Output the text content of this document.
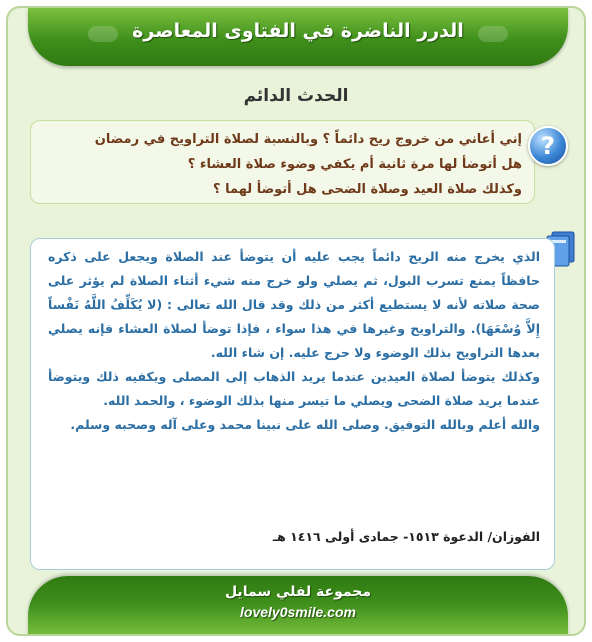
الدرر الناضرة في الفتاوى المعاصرة
الحدث الدائم

إني أعاني من خروج ريح دائماً ؟ وبالنسبة لصلاة التراويح في رمضان
هل أتوضأ لها مرة ثانية أم يكفي وضوء صلاة العشاء ؟
وكذلك صلاة العيد وصلاة الضحى هل أتوضأ لهما ؟

?

الذي يخرج منه الريح دائماً يجب عليه أن يتوضأ عند الصلاة ويجعل على ذكره حافظاً يمنع تسرب البول، ثم يصلي ولو خرج منه شيء أثناء الصلاة لم يؤثر على صحة صلاته لأنه لا يستطيع أكثر من ذلك وقد قال الله تعالى : (لا يُكَلِّفُ اللَّهُ نَفْساً إِلاَّ وُسْعَهَا). والتراويح وغيرها في هذا سواء ، فإذا توضأ لصلاة العشاء فإنه يصلي بعدها التراويح بذلك الوضوء ولا حرج عليه. إن شاء الله.

وكذلك يتوضأ لصلاة العيدين عندما يريد الذهاب إلى المصلى ويكفيه ذلك ويتوضأ عندما يريد صلاة الضحى ويصلي ما تيسر منها بذلك الوضوء ، والحمد الله.

والله أعلم وبالله التوفيق. وصلى الله على نبينا محمد وعلى آله وصحبه وسلم.

الفوزان/ الدعوة ١٥١٣- جمادى أولى ١٤١٦ هـ
مجموعة لفلي سمايل
lovely0smile.com
